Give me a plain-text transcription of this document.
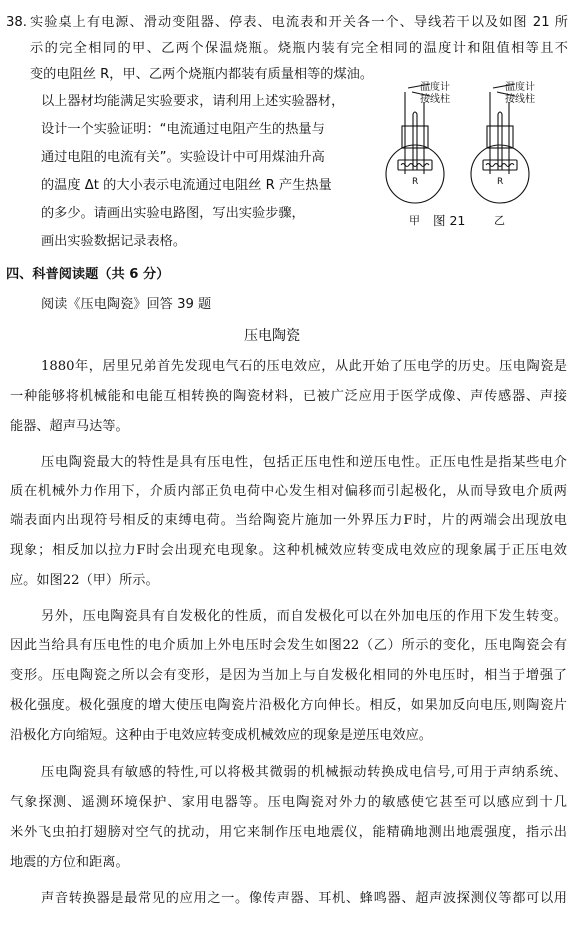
38. 实验桌上有电源、滑动变阻器、停表、电流表和开关各一个、导线若干以及如图 21 所
示的完全相同的甲、乙两个保温烧瓶。烧瓶内装有完全相同的温度计和阻值相等且不
变的电阻丝 R，甲、乙两个烧瓶内都装有质量相等的煤油。
以上器材均能满足实验要求，请利用上述实验器材，
设计一个实验证明：“电流通过电阻产生的热量与
通过电阻的电流有关”。实验设计中可用煤油升高
的温度 Δt 的大小表示电流通过电阻丝 R 产生热量
的多少。请画出实验电路图，写出实验步骤，
画出实验数据记录表格。
温度计
接线柱
温度计
接线柱
R	R
甲	乙
图 21
四、科普阅读题（共 6 分）
阅读《压电陶瓷》回答 39 题
压电陶瓷
1880年，居里兄弟首先发现电气石的压电效应，从此开始了压电学的历史。压电陶瓷是
一种能够将机械能和电能互相转换的陶瓷材料，已被广泛应用于医学成像、声传感器、声接
能器、超声马达等。
压电陶瓷最大的特性是具有压电性，包括正压电性和逆压电性。正压电性是指某些电介
质在机械外力作用下，介质内部正负电荷中心发生相对偏移而引起极化，从而导致电介质两
端表面内出现符号相反的束缚电荷。当给陶瓷片施加一外界压力F时，片的两端会出现放电
现象；相反加以拉力F时会出现充电现象。这种机械效应转变成电效应的现象属于正压电效
应。如图22（甲）所示。
另外，压电陶瓷具有自发极化的性质，而自发极化可以在外加电压的作用下发生转变。
因此当给具有压电性的电介质加上外电压时会发生如图22（乙）所示的变化，压电陶瓷会有
变形。压电陶瓷之所以会有变形，是因为当加上与自发极化相同的外电压时，相当于增强了
极化强度。极化强度的增大使压电陶瓷片沿极化方向伸长。相反，如果加反向电压,则陶瓷片
沿极化方向缩短。这种由于电效应转变成机械效应的现象是逆压电效应。
压电陶瓷具有敏感的特性,可以将极其微弱的机械振动转换成电信号,可用于声纳系统、
气象探测、遥测环境保护、家用电器等。压电陶瓷对外力的敏感使它甚至可以感应到十几
米外飞虫拍打翅膀对空气的扰动，用它来制作压电地震仪，能精确地测出地震强度，指示出
地震的方位和距离。
声音转换器是最常见的应用之一。像传声器、耳机、蜂鸣器、超声波探测仪等都可以用
